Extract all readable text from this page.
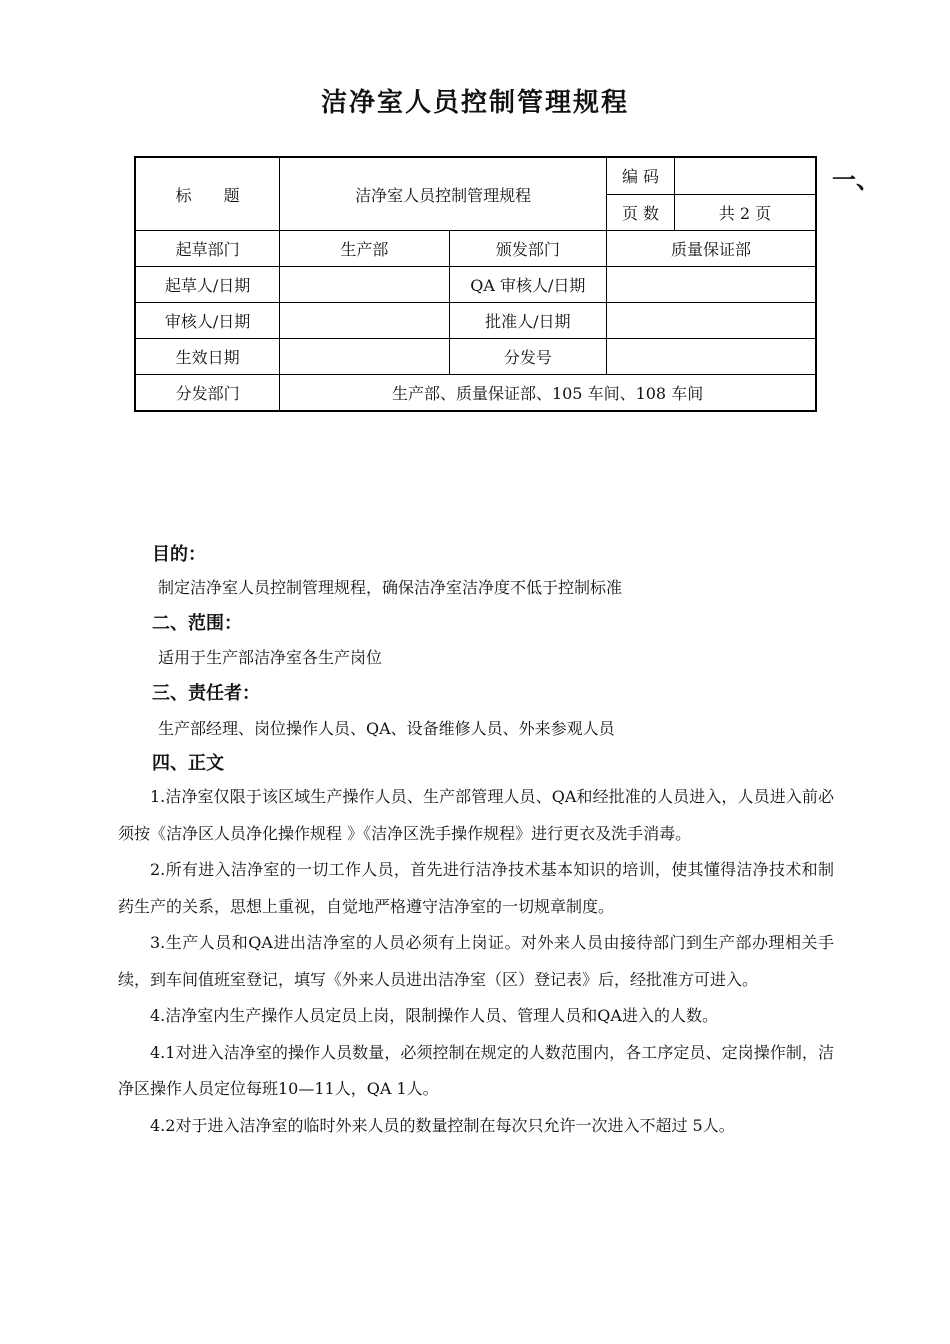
洁净室人员控制管理规程
标　　题	洁净室人员控制管理规程		编 码	
			页 数	共 2 页
起草部门	生产部	颁发部门	质量保证部	
起草人/日期		QA 审核人/日期		
审核人/日期		批准人/日期		
生效日期		分发号		
分发部门	生产部、质量保证部、105 车间、108 车间			
一、
目的：
制定洁净室人员控制管理规程，确保洁净室洁净度不低于控制标准
二、范围：
适用于生产部洁净室各生产岗位
三、责任者：
生产部经理、岗位操作人员、QA、设备维修人员、外来参观人员
四、正文

1.洁净室仅限于该区域生产操作人员、生产部管理人员、QA和经批准的人员进入，人员进入前必须按《洁净区人员净化操作规程 》《洁净区洗手操作规程》进行更衣及洗手消毒。

2.所有进入洁净室的一切工作人员，首先进行洁净技术基本知识的培训，使其懂得洁净技术和制药生产的关系，思想上重视，自觉地严格遵守洁净室的一切规章制度。

3.生产人员和QA进出洁净室的人员必须有上岗证。对外来人员由接待部门到生产部办理相关手续，到车间值班室登记，填写《外来人员进出洁净室（区）登记表》后，经批准方可进入。

4.洁净室内生产操作人员定员上岗，限制操作人员、管理人员和QA进入的人数。

4.1对进入洁净室的操作人员数量，必须控制在规定的人数范围内，各工序定员、定岗操作制，洁净区操作人员定位每班10—11人，QA 1人。

4.2对于进入洁净室的临时外来人员的数量控制在每次只允许一次进入不超过 5人。
